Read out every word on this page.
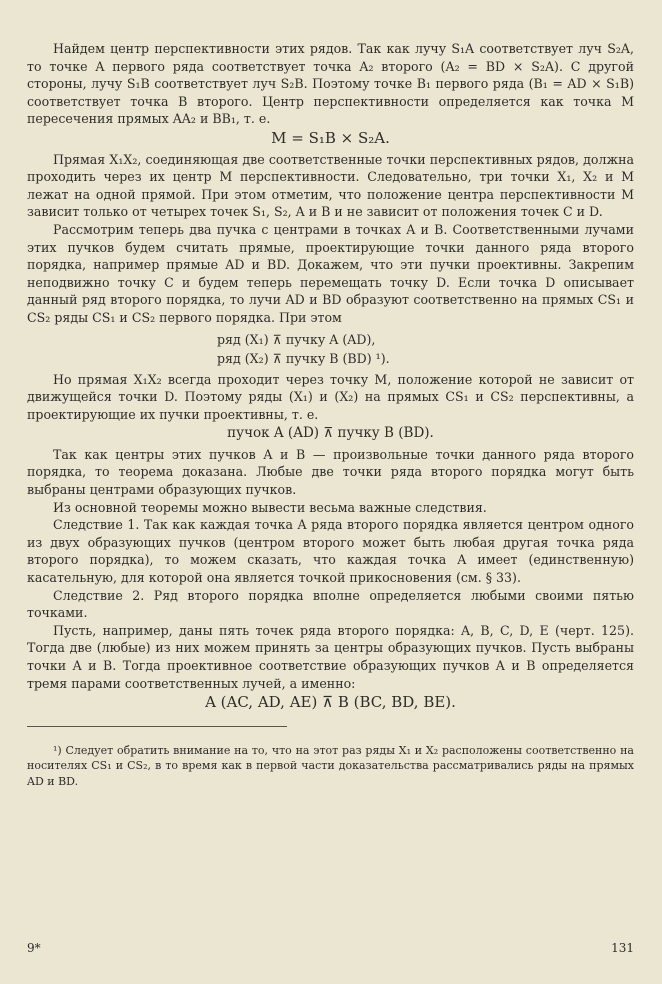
Найдем центр перспективности этих рядов. Так как лучу S₁A соответствует луч S₂A, то точке A первого ряда соответствует точка A₂ второго (A₂ = BD × S₂A). С другой стороны, лучу S₁B соответствует луч S₂B. Поэтому точке B₁ первого ряда (B₁ = AD × S₁B) соответствует точка B второго. Центр перспективности определяется как точка M пересечения прямых AA₂ и BB₁, т. е.

M = S₁B × S₂A.

Прямая X₁X₂, соединяющая две соответственные точки перспективных рядов, должна проходить через их центр M перспективности. Следовательно, три точки X₁, X₂ и M лежат на одной прямой. При этом отметим, что положение центра перспективности M зависит только от четырех точек S₁, S₂, A и B и не зависит от положения точек C и D.

Рассмотрим теперь два пучка с центрами в точках A и B. Соответственными лучами этих пучков будем считать прямые, проектирующие точки данного ряда второго порядка, например прямые AD и BD. Докажем, что эти пучки проективны. Закрепим неподвижно точку C и будем теперь перемещать точку D. Если точка D описывает данный ряд второго порядка, то лучи AD и BD образуют соответственно на прямых CS₁ и CS₂ ряды CS₁ и CS₂ первого порядка. При этом

ряд (X₁) ⊼ пучку A (AD),
ряд (X₂) ⊼ пучку B (BD) ¹).

Но прямая X₁X₂ всегда проходит через точку M, положение которой не зависит от движущейся точки D. Поэтому ряды (X₁) и (X₂) на прямых CS₁ и CS₂ перспективны, а проектирующие их пучки проективны, т. е.

пучок A (AD) ⊼ пучку B (BD).

Так как центры этих пучков A и B — произвольные точки данного ряда второго порядка, то теорема доказана. Любые две точки ряда второго порядка могут быть выбраны центрами образующих пучков.

Из основной теоремы можно вывести весьма важные следствия.

Следствие 1. Так как каждая точка A ряда второго порядка является центром одного из двух образующих пучков (центром второго может быть любая другая точка ряда второго порядка), то можем сказать, что каждая точка A имеет (единственную) касательную, для которой она является точкой прикосновения (см. § 33).

Следствие 2. Ряд второго порядка вполне определяется любыми своими пятью точками.

Пусть, например, даны пять точек ряда второго порядка: A, B, C, D, E (черт. 125). Тогда две (любые) из них можем принять за центры образующих пучков. Пусть выбраны точки A и B. Тогда проективное соответствие образующих пучков A и B определяется тремя парами соответственных лучей, а именно:

A (AC, AD, AE) ⊼ B (BC, BD, BE).

¹) Следует обратить внимание на то, что на этот раз ряды X₁ и X₂ расположены соответственно на носителях CS₁ и CS₂, в то время как в первой части доказательства рассматривались ряды на прямых AD и BD.

9*	131
